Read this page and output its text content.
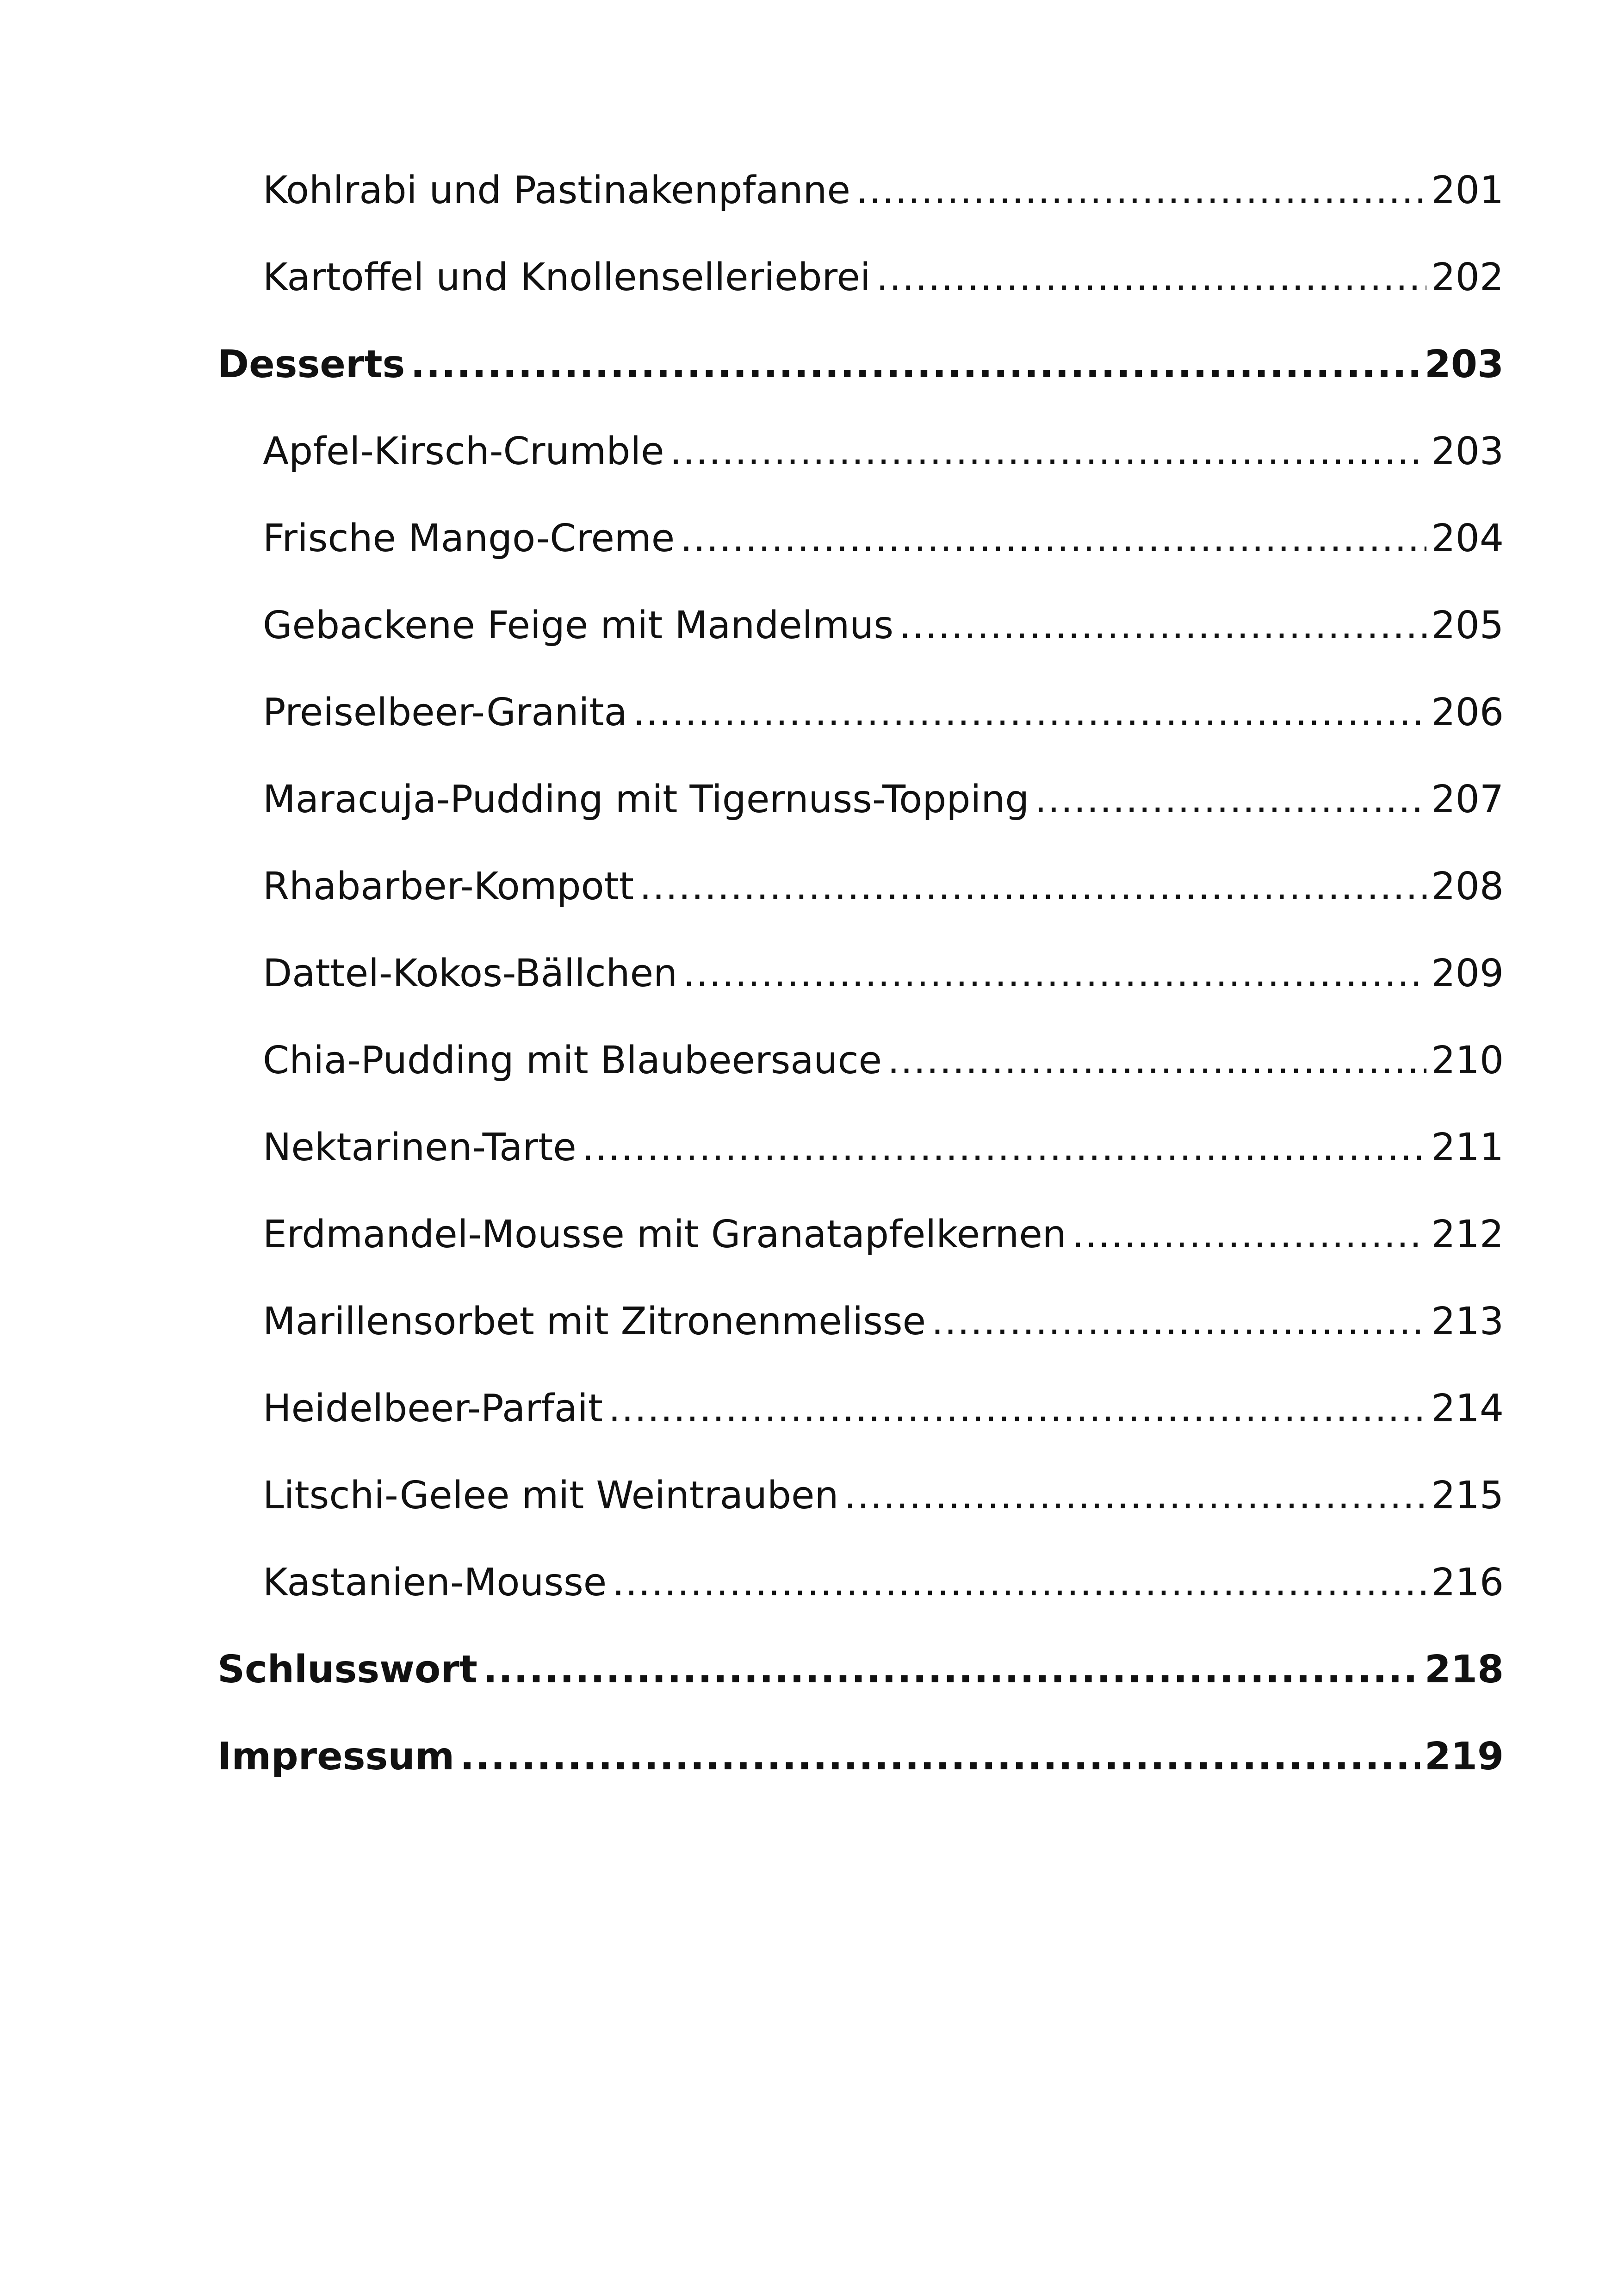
Kohlrabi und Pastinakenpfanne .....	201
Kartoffel und Knollenselleriebrei .....	202
Desserts .....	203
Apfel-Kirsch-Crumble .....	203
Frische Mango-Creme .....	204
Gebackene Feige mit Mandelmus .....	205
Preiselbeer-Granita .....	206
Maracuja-Pudding mit Tigernuss-Topping .....	207
Rhabarber-Kompott .....	208
Dattel-Kokos-Bällchen .....	209
Chia-Pudding mit Blaubeersauce .....	210
Nektarinen-Tarte .....	211
Erdmandel-Mousse mit Granatapfelkernen .....	212
Marillensorbet mit Zitronenmelisse .....	213
Heidelbeer-Parfait .....	214
Litschi-Gelee mit Weintrauben .....	215
Kastanien-Mousse .....	216
Schlusswort .....	218
Impressum .....	219
